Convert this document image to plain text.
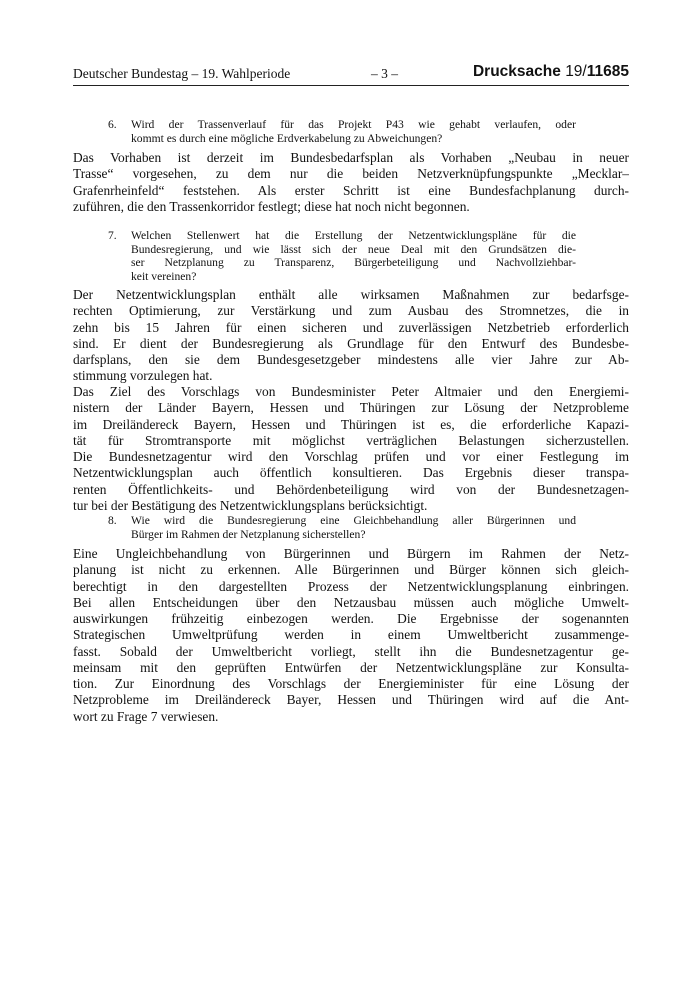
Deutscher Bundestag – 19. Wahlperiode	– 3 –	Drucksache 19/11685
6. Wird der Trassenverlauf für das Projekt P43 wie gehabt verlaufen, oder
kommt es durch eine mögliche Erdverkabelung zu Abweichungen?
Das Vorhaben ist derzeit im Bundesbedarfsplan als Vorhaben „Neubau in neuer
Trasse“ vorgesehen, zu dem nur die beiden Netzverknüpfungspunkte „Mecklar–
Grafenrheinfeld“ feststehen. Als erster Schritt ist eine Bundesfachplanung durch-
zuführen, die den Trassenkorridor festlegt; diese hat noch nicht begonnen.
7. Welchen Stellenwert hat die Erstellung der Netzentwicklungspläne für die
Bundesregierung, und wie lässt sich der neue Deal mit den Grundsätzen die-
ser Netzplanung zu Transparenz, Bürgerbeteiligung und Nachvollziehbar-
keit vereinen?
Der Netzentwicklungsplan enthält alle wirksamen Maßnahmen zur bedarfsge-
rechten Optimierung, zur Verstärkung und zum Ausbau des Stromnetzes, die in
zehn bis 15 Jahren für einen sicheren und zuverlässigen Netzbetrieb erforderlich
sind. Er dient der Bundesregierung als Grundlage für den Entwurf des Bundesbe-
darfsplans, den sie dem Bundesgesetzgeber mindestens alle vier Jahre zur Ab-
stimmung vorzulegen hat.
Das Ziel des Vorschlags von Bundesminister Peter Altmaier und den Energiemi-
nistern der Länder Bayern, Hessen und Thüringen zur Lösung der Netzprobleme
im Dreiländereck Bayern, Hessen und Thüringen ist es, die erforderliche Kapazi-
tät für Stromtransporte mit möglichst verträglichen Belastungen sicherzustellen.
Die Bundesnetzagentur wird den Vorschlag prüfen und vor einer Festlegung im
Netzentwicklungsplan auch öffentlich konsultieren. Das Ergebnis dieser transpa-
renten Öffentlichkeits- und Behördenbeteiligung wird von der Bundesnetzagen-
tur bei der Bestätigung des Netzentwicklungsplans berücksichtigt.
8. Wie wird die Bundesregierung eine Gleichbehandlung aller Bürgerinnen und
Bürger im Rahmen der Netzplanung sicherstellen?
Eine Ungleichbehandlung von Bürgerinnen und Bürgern im Rahmen der Netz-
planung ist nicht zu erkennen. Alle Bürgerinnen und Bürger können sich gleich-
berechtigt in den dargestellten Prozess der Netzentwicklungsplanung einbringen.
Bei allen Entscheidungen über den Netzausbau müssen auch mögliche Umwelt-
auswirkungen frühzeitig einbezogen werden. Die Ergebnisse der sogenannten
Strategischen Umweltprüfung werden in einem Umweltbericht zusammenge-
fasst. Sobald der Umweltbericht vorliegt, stellt ihn die Bundesnetzagentur ge-
meinsam mit den geprüften Entwürfen der Netzentwicklungspläne zur Konsulta-
tion. Zur Einordnung des Vorschlags der Energieminister für eine Lösung der
Netzprobleme im Dreiländereck Bayer, Hessen und Thüringen wird auf die Ant-
wort zu Frage 7 verwiesen.
